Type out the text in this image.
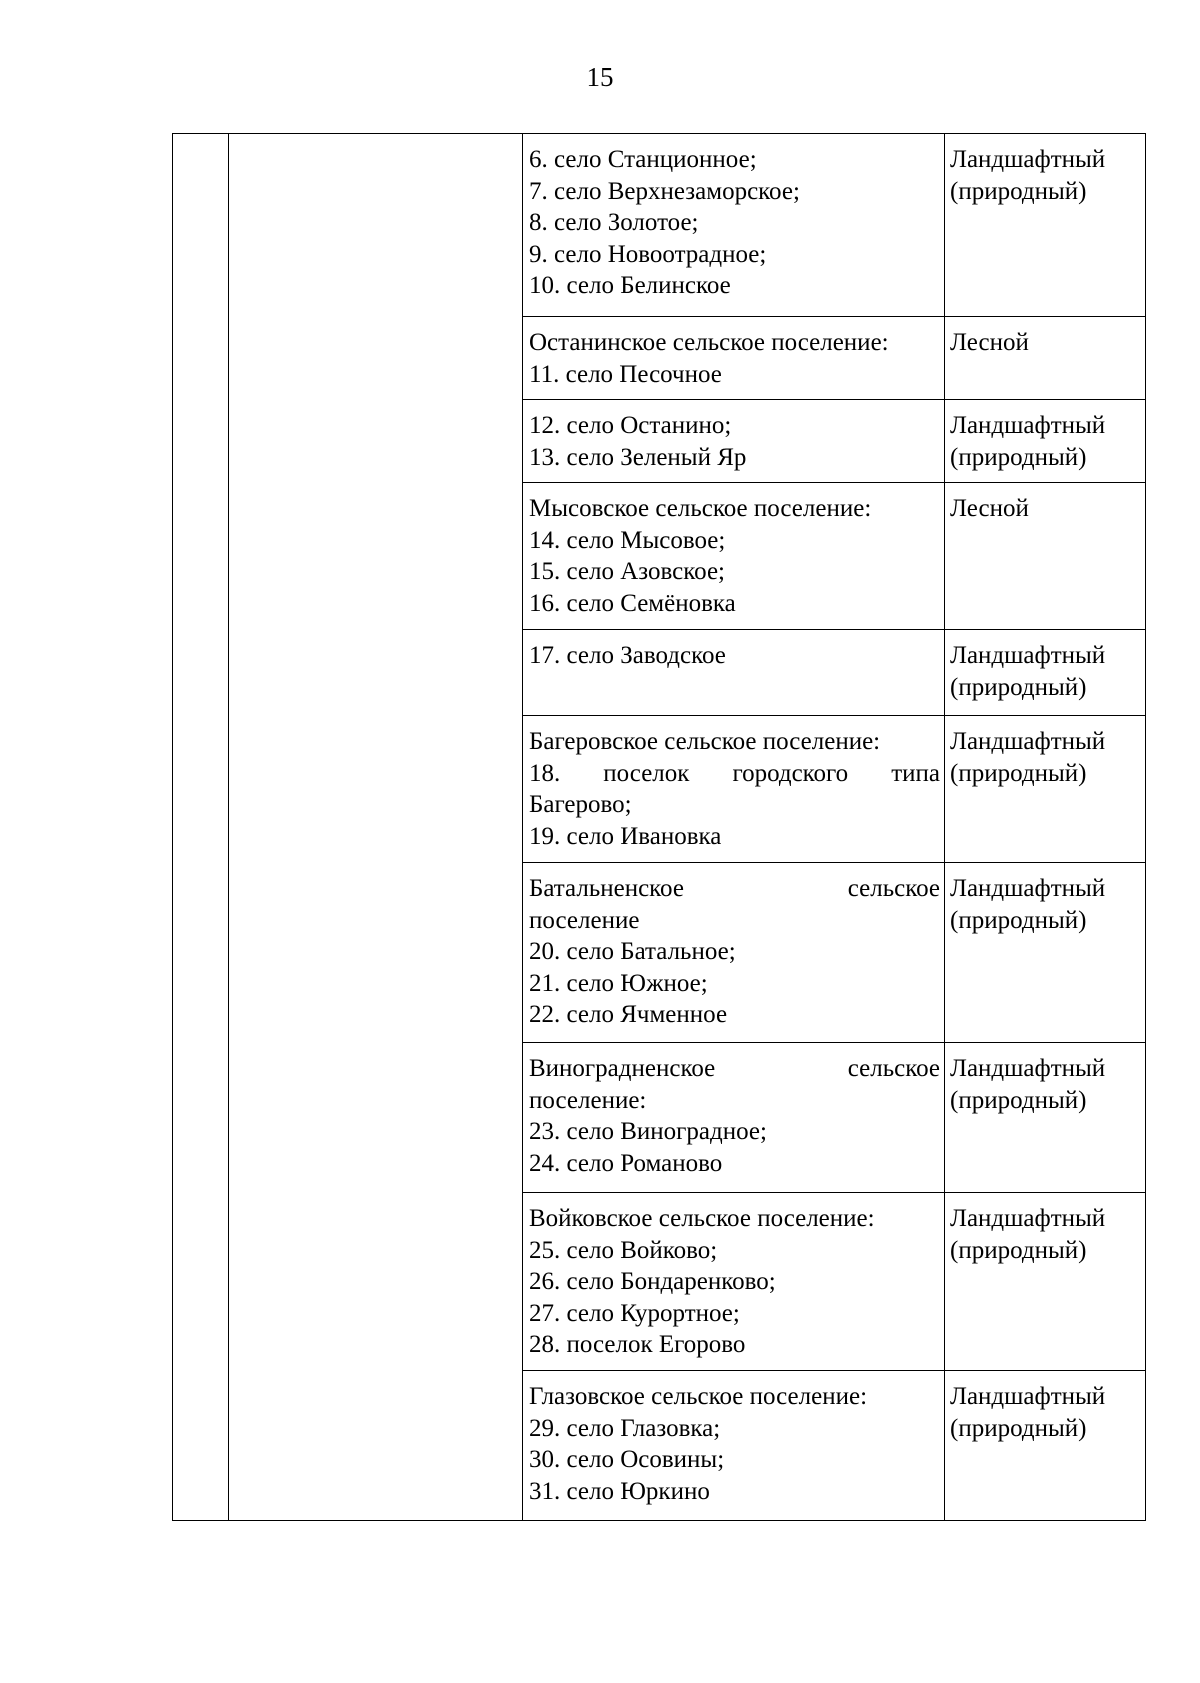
15

		6. село Станционное;
7. село Верхнезаморское;
8. село Золотое;
9. село Новоотрадное;
10. село Белинское	Ландшафтный
(природный)

		Останинское сельское поселение:
11. село Песочное	Лесной

		12. село Останино;
13. село Зеленый Яр	Ландшафтный
(природный)

		Мысовское сельское поселение:
14. село Мысовое;
15. село Азовское;
16. село Семёновка	Лесной

		17. село Заводское	Ландшафтный
(природный)

		Багеровское сельское поселение:
18. поселок городского типа
Багерово;
19. село Ивановка	Ландшафтный
(природный)

		Батальненское сельское
поселение
20. село Батальное;
21. село Южное;
22. село Ячменное	Ландшафтный
(природный)

		Виноградненское сельское
поселение:
23. село Виноградное;
24. село Романово	Ландшафтный
(природный)

		Войковское сельское поселение:
25. село Войково;
26. село Бондаренково;
27. село Курортное;
28. поселок Егорово	Ландшафтный
(природный)

		Глазовское сельское поселение:
29. село Глазовка;
30. село Осовины;
31. село Юркино	Ландшафтный
(природный)
